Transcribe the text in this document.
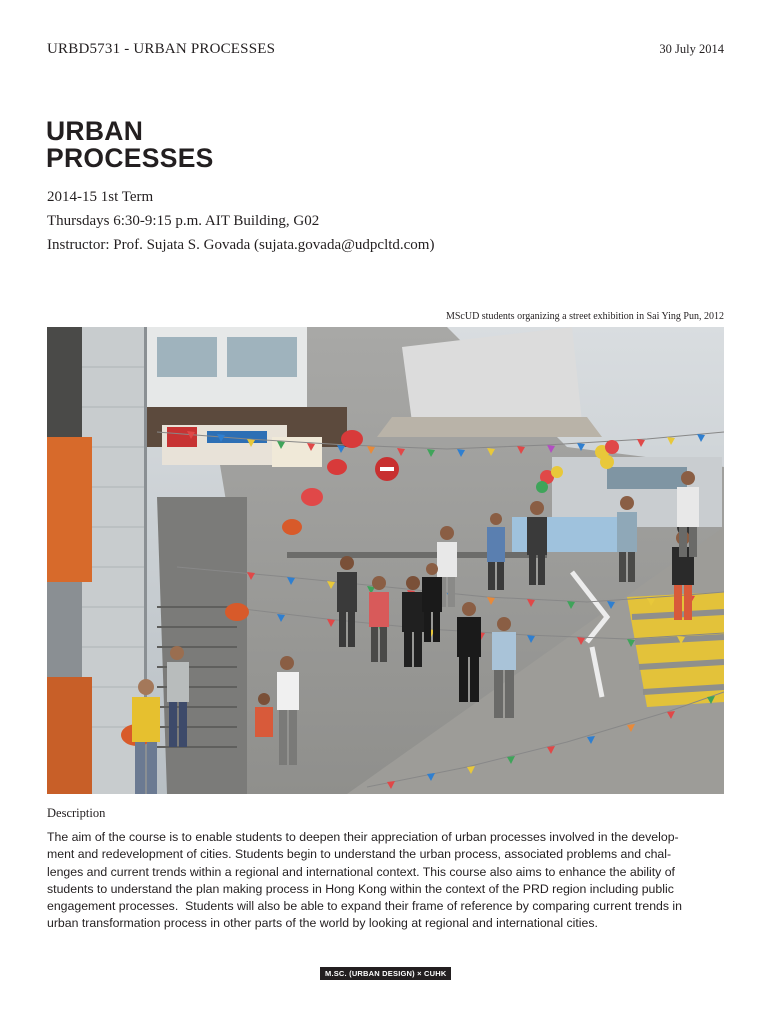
URBD5731 - URBAN PROCESSES	30 July 2014
URBAN
PROCESSES
2014-15 1st Term
Thursdays 6:30-9:15 p.m. AIT Building, G02
Instructor: Prof. Sujata S. Govada (sujata.govada@udpcltd.com)
MScUD students organizing a street exhibition in Sai Ying Pun, 2012
Description
The aim of the course is to enable students to deepen their appreciation of urban processes involved in the develop-
ment and redevelopment of cities. Students begin to understand the urban process, associated problems and chal-
lenges and current trends within a regional and international context. This course also aims to enhance the ability of
students to understand the plan making process in Hong Kong within the context of the PRD region including public
engagement processes.  Students will also be able to expand their frame of reference by comparing current trends in
urban transformation process in other parts of the world by looking at regional and international cities.
M.SC. (URBAN DESIGN) × CUHK
